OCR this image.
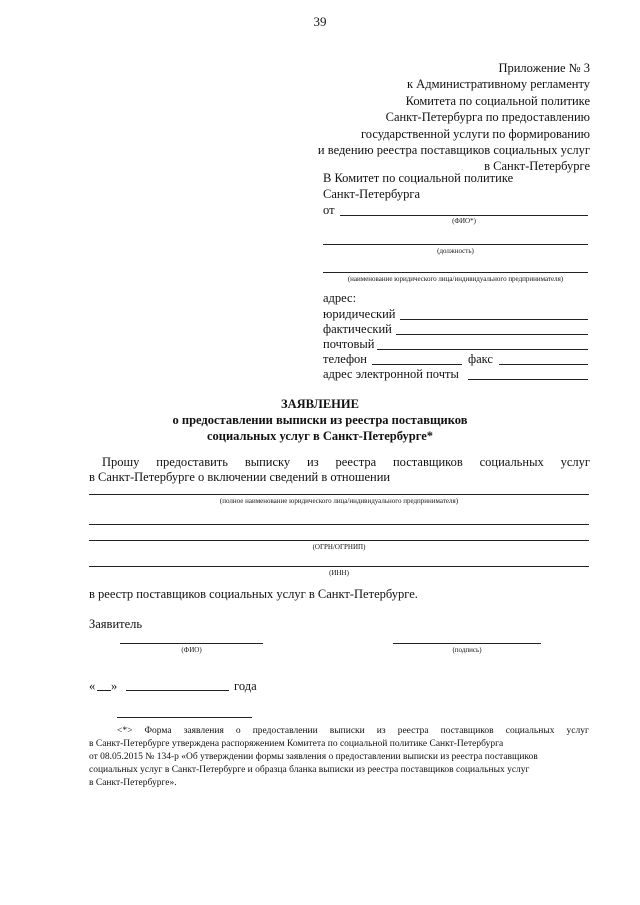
39
Приложение № 3
к Административному регламенту
Комитета по социальной политике
Санкт-Петербурга по предоставлению
государственной услуги по формированию
и ведению реестра поставщиков социальных услуг
в Санкт-Петербурге
В Комитет по социальной политике
Санкт-Петербурга
от
(ФИО*)
(должность)
(наименование юридического лица/индивидуального предпринимателя)
адрес:
юридический
фактический
почтовый
телефон	факс
адрес электронной почты
ЗАЯВЛЕНИЕ
о предоставлении выписки из реестра поставщиков
социальных услуг в Санкт-Петербурге*
Прошу предоставить выписку из реестра поставщиков социальных услуг
в Санкт-Петербурге о включении сведений в отношении
(полное наименование юридического лица/индивидуального предпринимателя)
(ОГРН/ОГРНИП)
(ИНН)
в реестр поставщиков социальных услуг в Санкт-Петербурге.
Заявитель
(ФИО)	(подпись)
« »	года
<*> Форма заявления о предоставлении выписки из реестра поставщиков социальных услуг
в Санкт-Петербурге утверждена распоряжением Комитета по социальной политике Санкт-Петербурга
от 08.05.2015 № 134-р «Об утверждении формы заявления о предоставлении выписки из реестра поставщиков
социальных услуг в Санкт-Петербурге и образца бланка выписки из реестра поставщиков социальных услуг
в Санкт-Петербурге».
